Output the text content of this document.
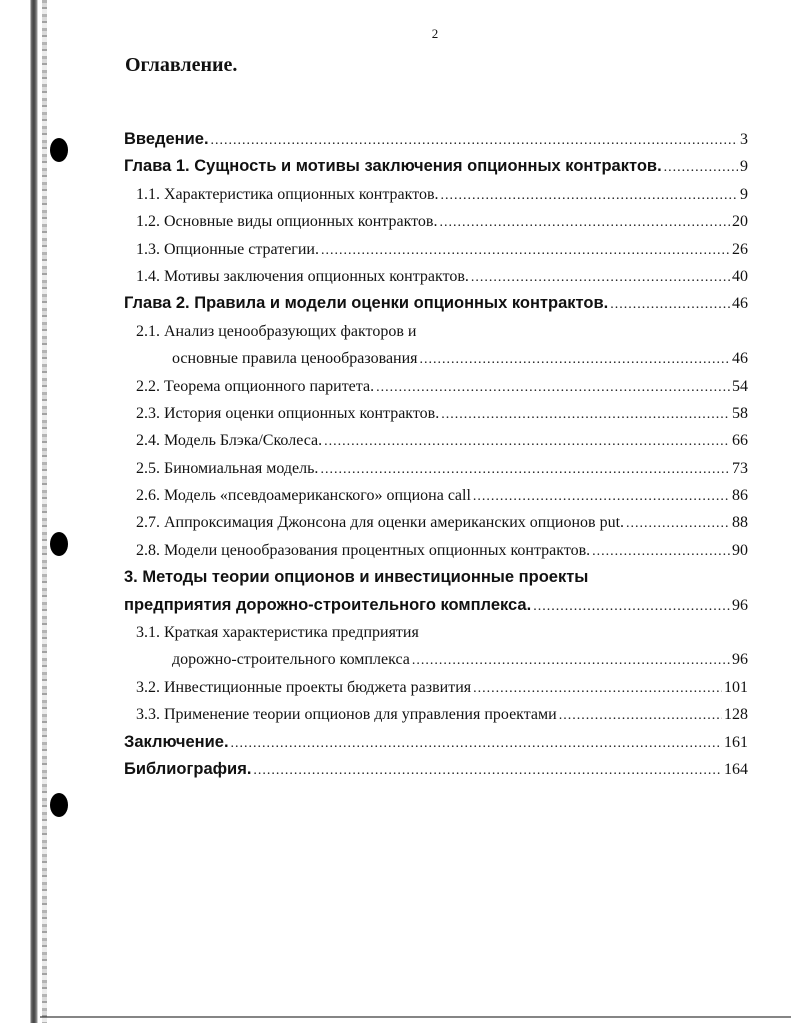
2
Оглавление.
Введение. .....	3
Глава 1. Сущность и мотивы заключения опционных контрактов. .....	9
1.1. Характеристика опционных контрактов. .....	9
1.2. Основные виды опционных контрактов. .....	20
1.3. Опционные стратегии. .....	26
1.4. Мотивы заключения опционных контрактов. .....	40
Глава 2. Правила и модели оценки опционных контрактов. .....	46
2.1. Анализ ценообразующих факторов и
основные правила ценообразования .....	46
2.2. Теорема опционного паритета. .....	54
2.3. История оценки опционных контрактов. .....	58
2.4. Модель Блэка/Сколеса. .....	66
2.5. Биномиальная модель. .....	73
2.6. Модель «псевдоамериканского» опциона call .....	86
2.7. Аппроксимация Джонсона для оценки американских опционов put. .....	88
2.8. Модели ценообразования процентных опционных контрактов. .....	90
3. Методы теории опционов и инвестиционные проекты
предприятия дорожно-строительного комплекса. .....	96
3.1. Краткая характеристика предприятия
дорожно-строительного комплекса .....	96
3.2. Инвестиционные проекты бюджета развития .....	101
3.3. Применение теории опционов для управления проектами .....	128
Заключение. .....	161
Библиография. .....	164
